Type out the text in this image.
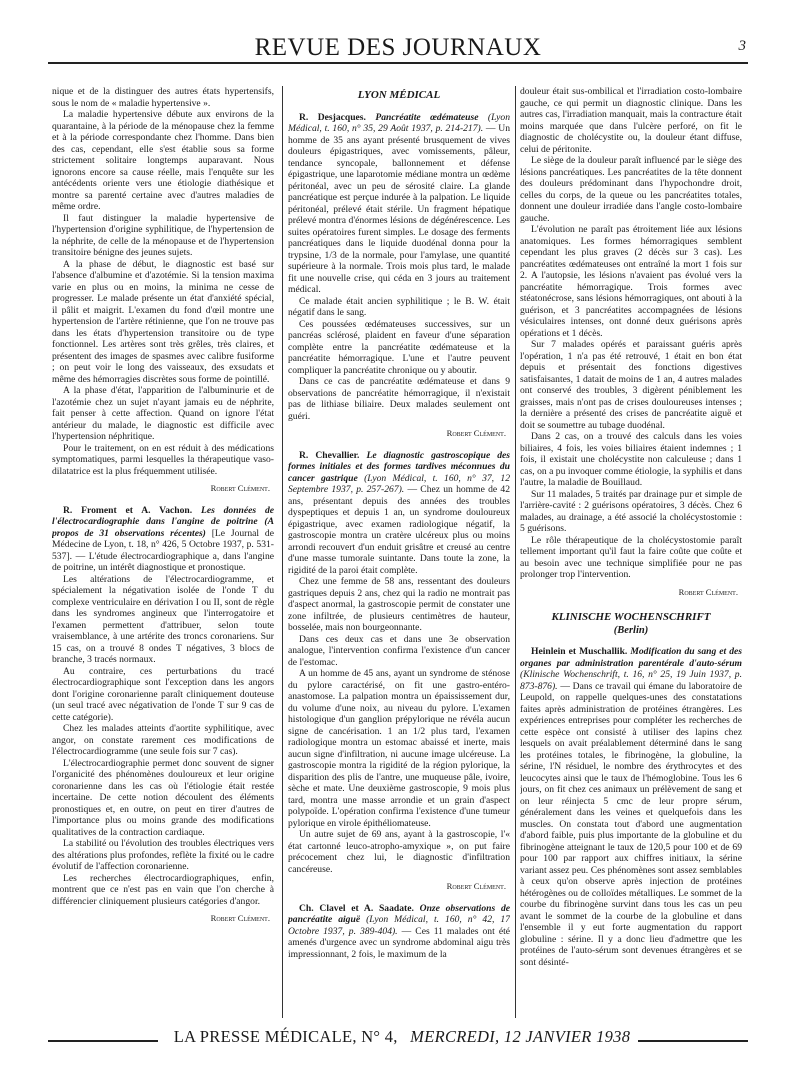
REVUE DES JOURNAUX	3

nique et de la distinguer des autres états hypertensifs, sous le nom de « maladie hypertensive ».

La maladie hypertensive débute aux environs de la quarantaine, à la période de la ménopause chez la femme et à la période correspondante chez l'homme. Dans bien des cas, cependant, elle s'est établie sous sa forme strictement solitaire longtemps auparavant. Nous ignorons encore sa cause réelle, mais l'enquête sur les antécédents oriente vers une étiologie diathésique et montre sa parenté certaine avec d'autres maladies de même ordre.

Il faut distinguer la maladie hypertensive de l'hypertension d'origine syphilitique, de l'hypertension de la néphrite, de celle de la ménopause et de l'hypertension transitoire bénigne des jeunes sujets.

A la phase de début, le diagnostic est basé sur l'absence d'albumine et d'azotémie. Si la tension maxima varie en plus ou en moins, la minima ne cesse de progresser. Le malade présente un état d'anxiété spécial, il pâlit et maigrit. L'examen du fond d'œil montre une hypertension de l'artère rétinienne, que l'on ne trouve pas dans les états d'hypertension transitoire ou de type fonctionnel. Les artères sont très grêles, très claires, et présentent des images de spasmes avec calibre fusiforme ; on peut voir le long des vaisseaux, des exsudats et même des hémorragies discrètes sous forme de pointillé.

A la phase d'état, l'apparition de l'albuminurie et de l'azotémie chez un sujet n'ayant jamais eu de néphrite, fait penser à cette affection. Quand on ignore l'état antérieur du malade, le diagnostic est difficile avec l'hypertension néphritique.

Pour le traitement, on en est réduit à des médications symptomatiques, parmi lesquelles la thérapeutique vaso-dilatatrice est la plus fréquemment utilisée.

Robert Clément.

R. Froment et A. Vachon. Les données de l'électrocardiographie dans l'angine de poitrine (A propos de 31 observations récentes) [Le Journal de Médecine de Lyon, t. 18, n° 426, 5 Octobre 1937, p. 531-537]. — L'étude électrocardiographique a, dans l'angine de poitrine, un intérêt diagnostique et pronostique.

Les altérations de l'électrocardiogramme, et spécialement la négativation isolée de l'onde T du complexe ventriculaire en dérivation I ou II, sont de règle dans les syndromes angineux que l'interrogatoire et l'examen permettent d'attribuer, selon toute vraisemblance, à une artérite des troncs coronariens. Sur 15 cas, on a trouvé 8 ondes T négatives, 3 blocs de branche, 3 tracés normaux.

Au contraire, ces perturbations du tracé électrocardiographique sont l'exception dans les angors dont l'origine coronarienne paraît cliniquement douteuse (un seul tracé avec négativation de l'onde T sur 9 cas de cette catégorie).

Chez les malades atteints d'aortite syphilitique, avec angor, on constate rarement ces modifications de l'électrocardiogramme (une seule fois sur 7 cas).

L'électrocardiographie permet donc souvent de signer l'organicité des phénomènes douloureux et leur origine coronarienne dans les cas où l'étiologie était restée incertaine. De cette notion découlent des éléments pronostiques et, en outre, on peut en tirer d'autres de l'importance plus ou moins grande des modifications qualitatives de la contraction cardiaque.

La stabilité ou l'évolution des troubles électriques vers des altérations plus profondes, reflète la fixité ou le cadre évolutif de l'affection coronarienne.

Les recherches électrocardiographiques, enfin, montrent que ce n'est pas en vain que l'on cherche à différencier cliniquement plusieurs catégories d'angor.

Robert Clément.

LYON MÉDICAL

R. Desjacques. Pancréatite œdémateuse (Lyon Médical, t. 160, n° 35, 29 Août 1937, p. 214-217). — Un homme de 35 ans ayant présenté brusquement de vives douleurs épigastriques, avec vomissements, pâleur, tendance syncopale, ballonnement et défense épigastrique, une laparotomie médiane montra un œdème péritonéal, avec un peu de sérosité claire. La glande pancréatique est perçue indurée à la palpation. Le liquide péritonéal, prélevé était stérile. Un fragment hépatique prélevé montra d'énormes lésions de dégénérescence. Les suites opératoires furent simples. Le dosage des ferments pancréatiques dans le liquide duodénal donna pour la trypsine, 1/3 de la normale, pour l'amylase, une quantité supérieure à la normale. Trois mois plus tard, le malade fit une nouvelle crise, qui céda en 3 jours au traitement médical.

Ce malade était ancien syphilitique ; le B. W. était négatif dans le sang.

Ces poussées œdémateuses successives, sur un pancréas sclérosé, plaident en faveur d'une séparation complète entre la pancréatite œdémateuse et la pancréatite hémorragique. L'une et l'autre peuvent compliquer la pancréatite chronique ou y aboutir.

Dans ce cas de pancréatite œdémateuse et dans 9 observations de pancréatite hémorragique, il n'existait pas de lithiase biliaire. Deux malades seulement ont guéri.

Robert Clément.

R. Chevallier. Le diagnostic gastroscopique des formes initiales et des formes tardives méconnues du cancer gastrique (Lyon Médical, t. 160, n° 37, 12 Septembre 1937, p. 257-267). — Chez un homme de 42 ans, présentant depuis des années des troubles dyspeptiques et depuis 1 an, un syndrome douloureux épigastrique, avec examen radiologique négatif, la gastroscopie montra un cratère ulcéreux plus ou moins arrondi recouvert d'un enduit grisâtre et creusé au centre d'une masse tumorale suintante. Dans toute la zone, la rigidité de la paroi était complète.

Chez une femme de 58 ans, ressentant des douleurs gastriques depuis 2 ans, chez qui la radio ne montrait pas d'aspect anormal, la gastroscopie permit de constater une zone infiltrée, de plusieurs centimètres de hauteur, bosselée, mais non bourgeonnante.

Dans ces deux cas et dans une 3e observation analogue, l'intervention confirma l'existence d'un cancer de l'estomac.

A un homme de 45 ans, ayant un syndrome de sténose du pylore caractérisé, on fit une gastro-entéro-anastomose. La palpation montra un épaississement dur, du volume d'une noix, au niveau du pylore. L'examen histologique d'un ganglion prépylorique ne révéla aucun signe de cancérisation. 1 an 1/2 plus tard, l'examen radiologique montra un estomac abaissé et inerte, mais aucun signe d'infiltration, ni aucune image ulcéreuse. La gastroscopie montra la rigidité de la région pylorique, la disparition des plis de l'antre, une muqueuse pâle, ivoire, sèche et mate. Une deuxième gastroscopie, 9 mois plus tard, montra une masse arrondie et un grain d'aspect polypoïde. L'opération confirma l'existence d'une tumeur pylorique en virole épithéliomateuse.

Un autre sujet de 69 ans, ayant à la gastroscopie, l'« état cartonné leuco-atropho-amyxique », on put faire précocement chez lui, le diagnostic d'infiltration cancéreuse.

Robert Clément.

Ch. Clavel et A. Saadate. Onze observations de pancréatite aiguë (Lyon Médical, t. 160, n° 42, 17 Octobre 1937, p. 389-404). — Ces 11 malades ont été amenés d'urgence avec un syndrome abdominal aigu très impressionnant, 2 fois, le maximum de la

douleur était sus-ombilical et l'irradiation costo-lombaire gauche, ce qui permit un diagnostic clinique. Dans les autres cas, l'irradiation manquait, mais la contracture était moins marquée que dans l'ulcère perforé, on fit le diagnostic de cholécystite ou, la douleur étant diffuse, celui de péritonite.

Le siège de la douleur paraît influencé par le siège des lésions pancréatiques. Les pancréatites de la tête donnent des douleurs prédominant dans l'hypochondre droit, celles du corps, de la queue ou les pancréatites totales, donnent une douleur irradiée dans l'angle costo-lombaire gauche.

L'évolution ne paraît pas étroitement liée aux lésions anatomiques. Les formes hémorragiques semblent cependant les plus graves (2 décès sur 3 cas). Les pancréatites œdémateuses ont entraîné la mort 1 fois sur 2. A l'autopsie, les lésions n'avaient pas évolué vers la pancréatite hémorragique. Trois formes avec stéatonécrose, sans lésions hémorragiques, ont abouti à la guérison, et 3 pancréatites accompagnées de lésions vésiculaires intenses, ont donné deux guérisons après opérations et 1 décès.

Sur 7 malades opérés et paraissant guéris après l'opération, 1 n'a pas été retrouvé, 1 était en bon état depuis et présentait des fonctions digestives satisfaisantes, 1 datait de moins de 1 an, 4 autres malades ont conservé des troubles, 3 digèrent péniblement les graisses, mais n'ont pas de crises douloureuses intenses ; la dernière a présenté des crises de pancréatite aiguë et doit se soumettre au tubage duodénal.

Dans 2 cas, on a trouvé des calculs dans les voies biliaires, 4 fois, les voies biliaires étaient indemnes ; 1 fois, il existait une cholécystite non calculeuse ; dans 1 cas, on a pu invoquer comme étiologie, la syphilis et dans l'autre, la maladie de Bouillaud.

Sur 11 malades, 5 traités par drainage pur et simple de l'arrière-cavité : 2 guérisons opératoires, 3 décès. Chez 6 malades, au drainage, a été associé la cholécystostomie : 5 guérisons.

Le rôle thérapeutique de la cholécystostomie paraît tellement important qu'il faut la faire coûte que coûte et au besoin avec une technique simplifiée pour ne pas prolonger trop l'intervention.

Robert Clément.

KLINISCHE WOCHENSCHRIFT
(Berlin)

Heinlein et Muschallik. Modification du sang et des organes par administration parentérale d'auto-sérum (Klinische Wochenschrift, t. 16, n° 25, 19 Juin 1937, p. 873-876). — Dans ce travail qui émane du laboratoire de Leupold, on rappelle quelques-unes des constatations faites après administration de protéines étrangères. Les expériences entreprises pour compléter les recherches de cette espèce ont consisté à utiliser des lapins chez lesquels on avait préalablement déterminé dans le sang les protéines totales, le fibrinogène, la globuline, la sérine, l'N résiduel, le nombre des érythrocytes et des leucocytes ainsi que le taux de l'hémoglobine. Tous les 6 jours, on fit chez ces animaux un prélèvement de sang et on leur réinjecta 5 cmc de leur propre sérum, généralement dans les veines et quelquefois dans les muscles. On constata tout d'abord une augmentation d'abord faible, puis plus importante de la globuline et du fibrinogène atteignant le taux de 120,5 pour 100 et de 69 pour 100 par rapport aux chiffres initiaux, la sérine variant assez peu. Ces phénomènes sont assez semblables à ceux qu'on observe après injection de protéines hétérogènes ou de colloïdes métalliques. Le sommet de la courbe du fibrinogène survint dans tous les cas un peu avant le sommet de la courbe de la globuline et dans l'ensemble il y eut forte augmentation du rapport globuline : sérine. Il y a donc lieu d'admettre que les protéines de l'auto-sérum sont devenues étrangères et se sont désinté-

LA PRESSE MÉDICALE, N° 4, MERCREDI, 12 JANVIER 1938
